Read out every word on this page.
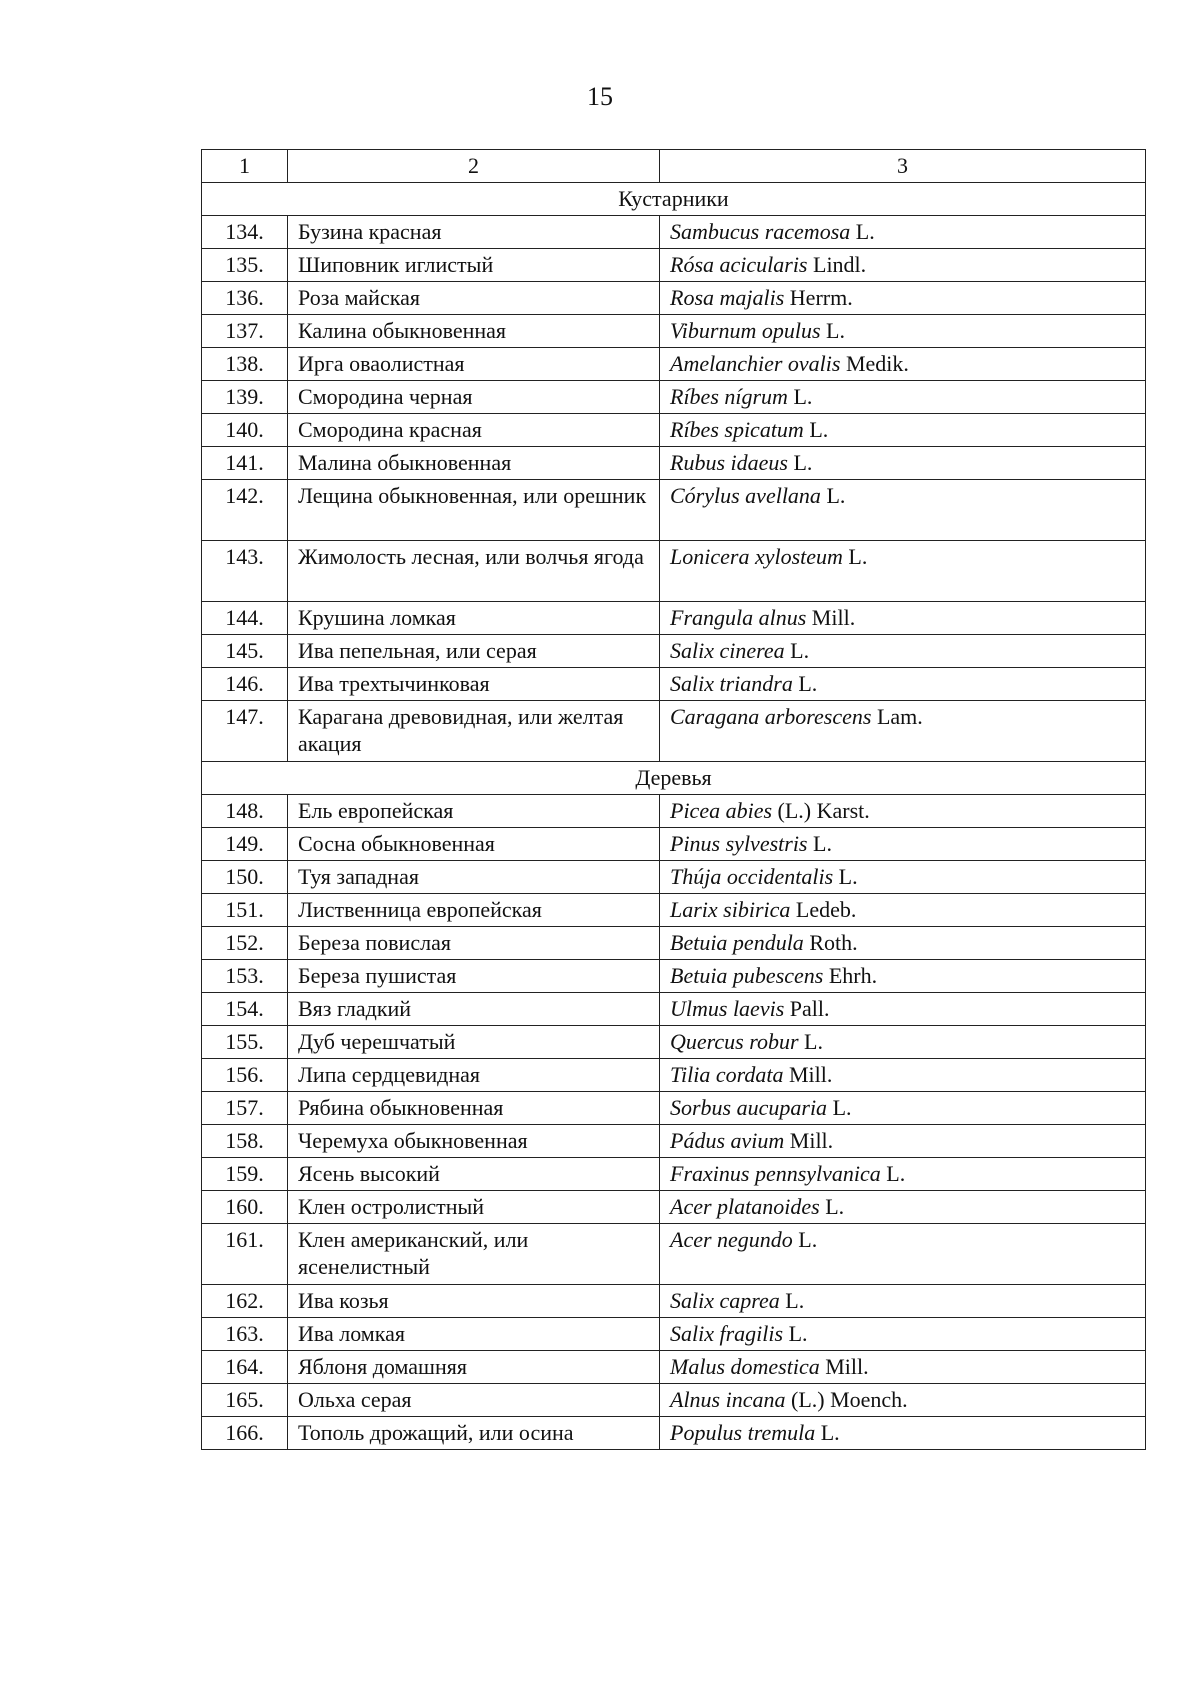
15
1	2	3
Кустарники		
134.	Бузина красная	Sambucus racemosa L.
135.	Шиповник иглистый	Rósa acicularis Lindl.
136.	Роза майская	Rosa majalis Herrm.
137.	Калина обыкновенная	Viburnum opulus L.
138.	Ирга оваолистная	Amelanchier ovalis Medik.
139.	Смородина черная	Ríbes nígrum L.
140.	Смородина красная	Ríbes spicatum L.
141.	Малина обыкновенная	Rubus idaeus L.
142.	Лещина обыкновенная, или орешник	Córylus avellana L.
143.	Жимолость лесная, или волчья ягода	Lonicera xylosteum L.
144.	Крушина ломкая	Frangula alnus Mill.
145.	Ива пепельная, или серая	Salix cinerea L.
146.	Ива трехтычинковая	Salix triandra L.
147.	Карагана древовидная, или желтая акация	Caragana arborescens Lam.
Деревья		
148.	Ель европейская	Picea abies (L.) Karst.
149.	Сосна обыкновенная	Pinus sylvestris L.
150.	Туя западная	Thúja occidentalis L.
151.	Лиственница европейская	Larix sibirica Ledeb.
152.	Береза повислая	Betuia pendula Roth.
153.	Береза пушистая	Betuia pubescens Ehrh.
154.	Вяз гладкий	Ulmus laevis Pall.
155.	Дуб черешчатый	Quercus robur L.
156.	Липа сердцевидная	Tilia cordata Mill.
157.	Рябина обыкновенная	Sorbus aucuparia L.
158.	Черемуха обыкновенная	Pádus avium Mill.
159.	Ясень высокий	Fraxinus pennsylvanica L.
160.	Клен остролистный	Acer platanoides L.
161.	Клен американский, или ясенелистный	Acer negundo L.
162.	Ива козья	Salix caprea L.
163.	Ива ломкая	Salix fragilis L.
164.	Яблоня домашняя	Malus domestica Mill.
165.	Ольха серая	Alnus incana (L.) Moench.
166.	Тополь дрожащий, или осина	Populus tremula L.
